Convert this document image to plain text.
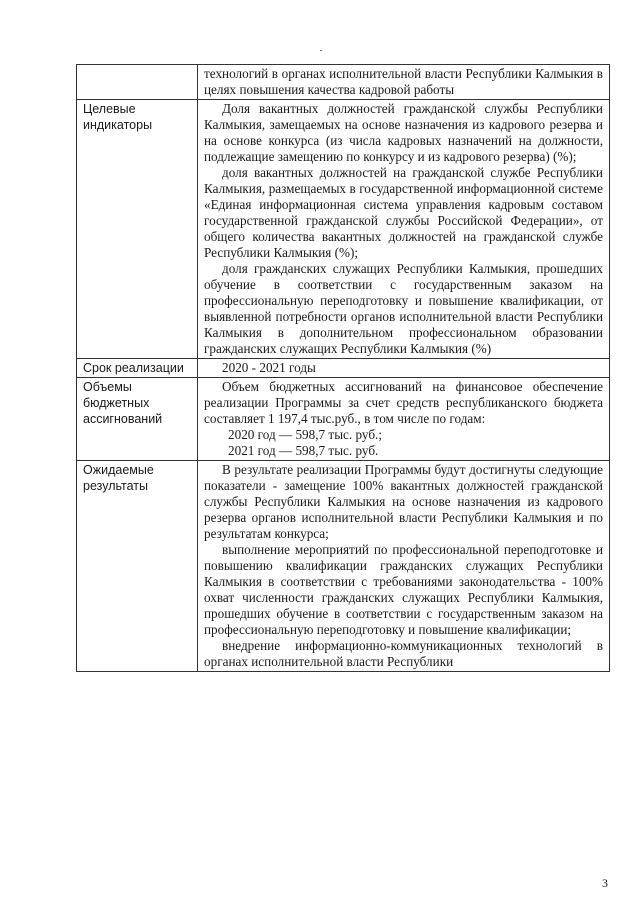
	технологий в органах исполнительной власти Республики Калмыкия в целях повышения качества кадровой работы

Целевые индикаторы	Доля вакантных должностей гражданской службы Республики Калмыкия, замещаемых на основе назначения из кадрового резерва и на основе конкурса (из числа кадровых назначений на должности, подлежащие замещению по конкурсу и из кадрового резерва) (%);

доля вакантных должностей на гражданской службе Республики Калмыкия, размещаемых в государственной информационной системе «Единая информационная система управления кадровым составом государственной гражданской службы Российской Федерации», от общего количества вакантных должностей на гражданской службе Республики Калмыкия (%);

доля гражданских служащих Республики Калмыкия, прошедших обучение в соответствии с государственным заказом на профессиональную переподготовку и повышение квалификации, от выявленной потребности органов исполнительной власти Республики Калмыкия в дополнительном профессиональном образовании гражданских служащих Республики Калмыкия (%)

Срок реализации	2020 - 2021 годы

Объемы бюджетных ассигнований	Объем бюджетных ассигнований на финансовое обеспечение реализации Программы за счет средств республиканского бюджета составляет 1 197,4 тыс.руб., в том числе по годам:

2020 год — 598,7 тыс. руб.;

2021 год — 598,7 тыс. руб.

Ожидаемые результаты	В результате реализации Программы будут достигнуты следующие показатели - замещение 100% вакантных должностей гражданской службы Республики Калмыкия на основе назначения из кадрового резерва органов исполнительной власти Республики Калмыкия и по результатам конкурса;

выполнение мероприятий по профессиональной переподготовке и повышению квалификации гражданских служащих Республики Калмыкия в соответствии с требованиями законодательства - 100% охват численности гражданских служащих Республики Калмыкия, прошедших обучение в соответствии с государственным заказом на профессиональную переподготовку и повышение квалификации;

внедрение информационно-коммуникационных технологий в органах исполнительной власти Республики

3
